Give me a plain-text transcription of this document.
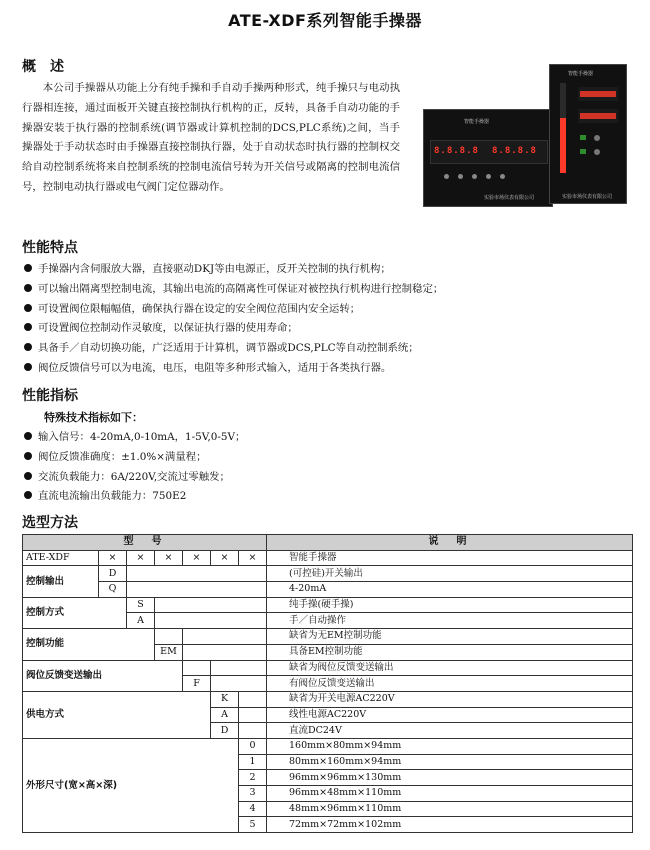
ATE-XDF系列智能手操器
概　述
本公司手操器从功能上分有纯手操和手自动手操两种形式，纯手操只与电动执行器相连接，通过面板开关键直接控制执行机构的正，反转，具备手自动功能的手操器安装于执行器的控制系统(调节器或计算机控制的DCS,PLC系统)之间，当手操器处于手动状态时由手操器直接控制执行器，处于自动状态时执行器的控制权交给自动控制系统将来自控制系统的控制电流信号转为开关信号或隔离的控制电流信号，控制电动执行器或电气阀门定位器动作。
智能手操器
8.8.8.8 8.8.8.8
实验市场仪表有限公司
智能手操器
实验市场仪表有限公司
性能特点
手操器内含伺服放大器，直接驱动DKJ等由电源正，反开关控制的执行机构；
可以输出隔离型控制电流，其输出电流的高隔离性可保证对被控执行机构进行控制稳定；
可设置阀位限幅幅值，确保执行器在设定的安全阀位范围内安全运转；
可设置阀位控制动作灵敏度，以保证执行器的使用寿命；
具备手／自动切换功能，广泛适用于计算机，调节器或DCS,PLC等自动控制系统；
阀位反馈信号可以为电流，电压，电阻等多种形式输入，适用于各类执行器。
性能指标
特殊技术指标如下：
输入信号：4-20mA,0-10mA，1-5V,0-5V；
阀位反馈准确度：±1.0%×满量程；
交流负载能力：6A/220V,交流过零触发；
直流电流输出负载能力：750E2
选型方法
型　号							说　明
ATE-XDF	×	×	×	×	×	×	智能手操器
控制输出	D						(可控硅)开关输出
	Q						4-20mA
控制方式		S					纯手操(硬手操)
		A					手／自动操作
控制功能							缺省为无EM控制功能
			EM				具备EM控制功能
阀位反馈变送输出							缺省为阀位反馈变送输出
				F			有阀位反馈变送输出
供电方式					K		缺省为开关电源AC220V
					A		线性电源AC220V
					D		直流DC24V
外形尺寸(宽×高×深)						0	160mm×80mm×94mm
						1	80mm×160mm×94mm
						2	96mm×96mm×130mm
						3	96mm×48mm×110mm
						4	48mm×96mm×110mm
						5	72mm×72mm×102mm
